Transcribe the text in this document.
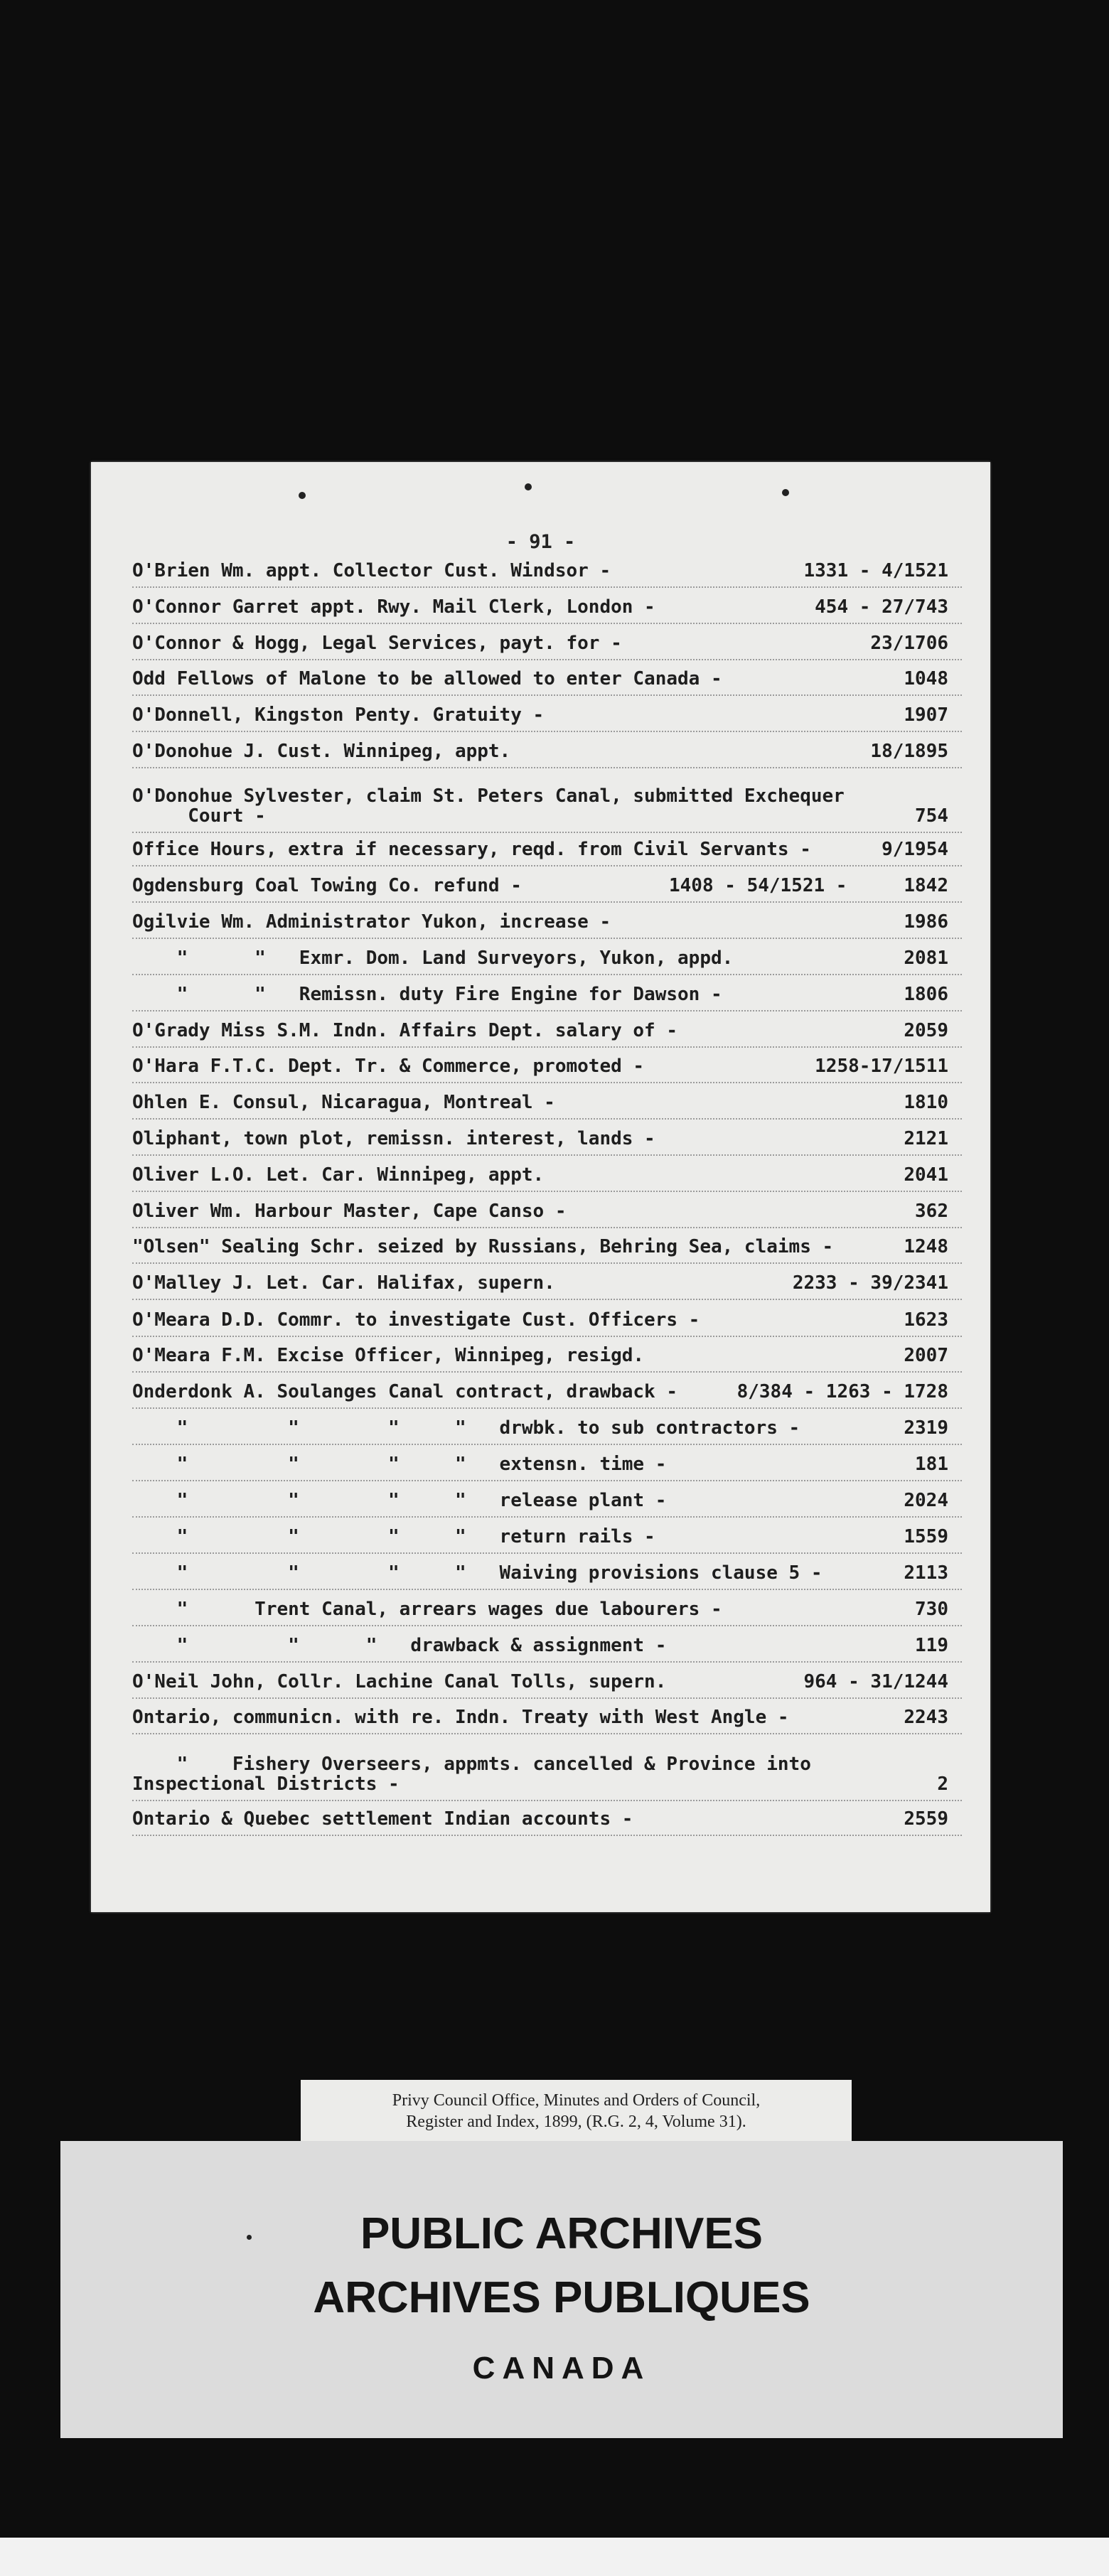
- 91 -
O'Brien Wm. appt. Collector Cust. Windsor -	1331 - 4/1521
O'Connor Garret appt. Rwy. Mail Clerk, London -	454 - 27/743
O'Connor & Hogg, Legal Services, payt. for -	23/1706
Odd Fellows of Malone to be allowed to enter Canada -	1048
O'Donnell, Kingston Penty. Gratuity -	1907
O'Donohue J. Cust. Winnipeg, appt.	18/1895
O'Donohue Sylvester, claim St. Peters Canal, submitted Exchequer
Court -	754
Office Hours, extra if necessary, reqd. from Civil Servants -	9/1954
Ogdensburg Coal Towing Co. refund -	1408 - 54/1521 -	1842
Ogilvie Wm. Administrator Yukon, increase -	1986
"      "   Exmr. Dom. Land Surveyors, Yukon, appd.	2081
"      "   Remissn. duty Fire Engine for Dawson -	1806
O'Grady Miss S.M. Indn. Affairs Dept. salary of -	2059
O'Hara F.T.C. Dept. Tr. & Commerce, promoted -	1258-17/1511
Ohlen E. Consul, Nicaragua, Montreal -	1810
Oliphant, town plot, remissn. interest, lands -	2121
Oliver L.O. Let. Car. Winnipeg, appt.	2041
Oliver Wm. Harbour Master, Cape Canso -	362
"Olsen" Sealing Schr. seized by Russians, Behring Sea, claims -	1248
O'Malley J. Let. Car. Halifax, supern.	2233 - 39/2341
O'Meara D.D. Commr. to investigate Cust. Officers -	1623
O'Meara F.M. Excise Officer, Winnipeg, resigd.	2007
Onderdonk A. Soulanges Canal contract, drawback -	8/384 - 1263 - 1728
"         "        "     "   drwbk. to sub contractors -	2319
"         "        "     "   extensn. time -	181
"         "        "     "   release plant -	2024
"         "        "     "   return rails -	1559
"         "        "     "   Waiving provisions clause 5 -	2113
"      Trent Canal, arrears wages due labourers -	730
"         "      "   drawback & assignment -	119
O'Neil John, Collr. Lachine Canal Tolls, supern.	964 - 31/1244
Ontario, communicn. with re. Indn. Treaty with West Angle -	2243
"    Fishery Overseers, appmts. cancelled & Province into
Inspectional Districts -	2
Ontario & Quebec settlement Indian accounts -	2559
Privy Council Office, Minutes and Orders of Council,
Register and Index, 1899, (R.G. 2, 4, Volume 31).
PUBLIC ARCHIVES
ARCHIVES PUBLIQUES
CANADA
